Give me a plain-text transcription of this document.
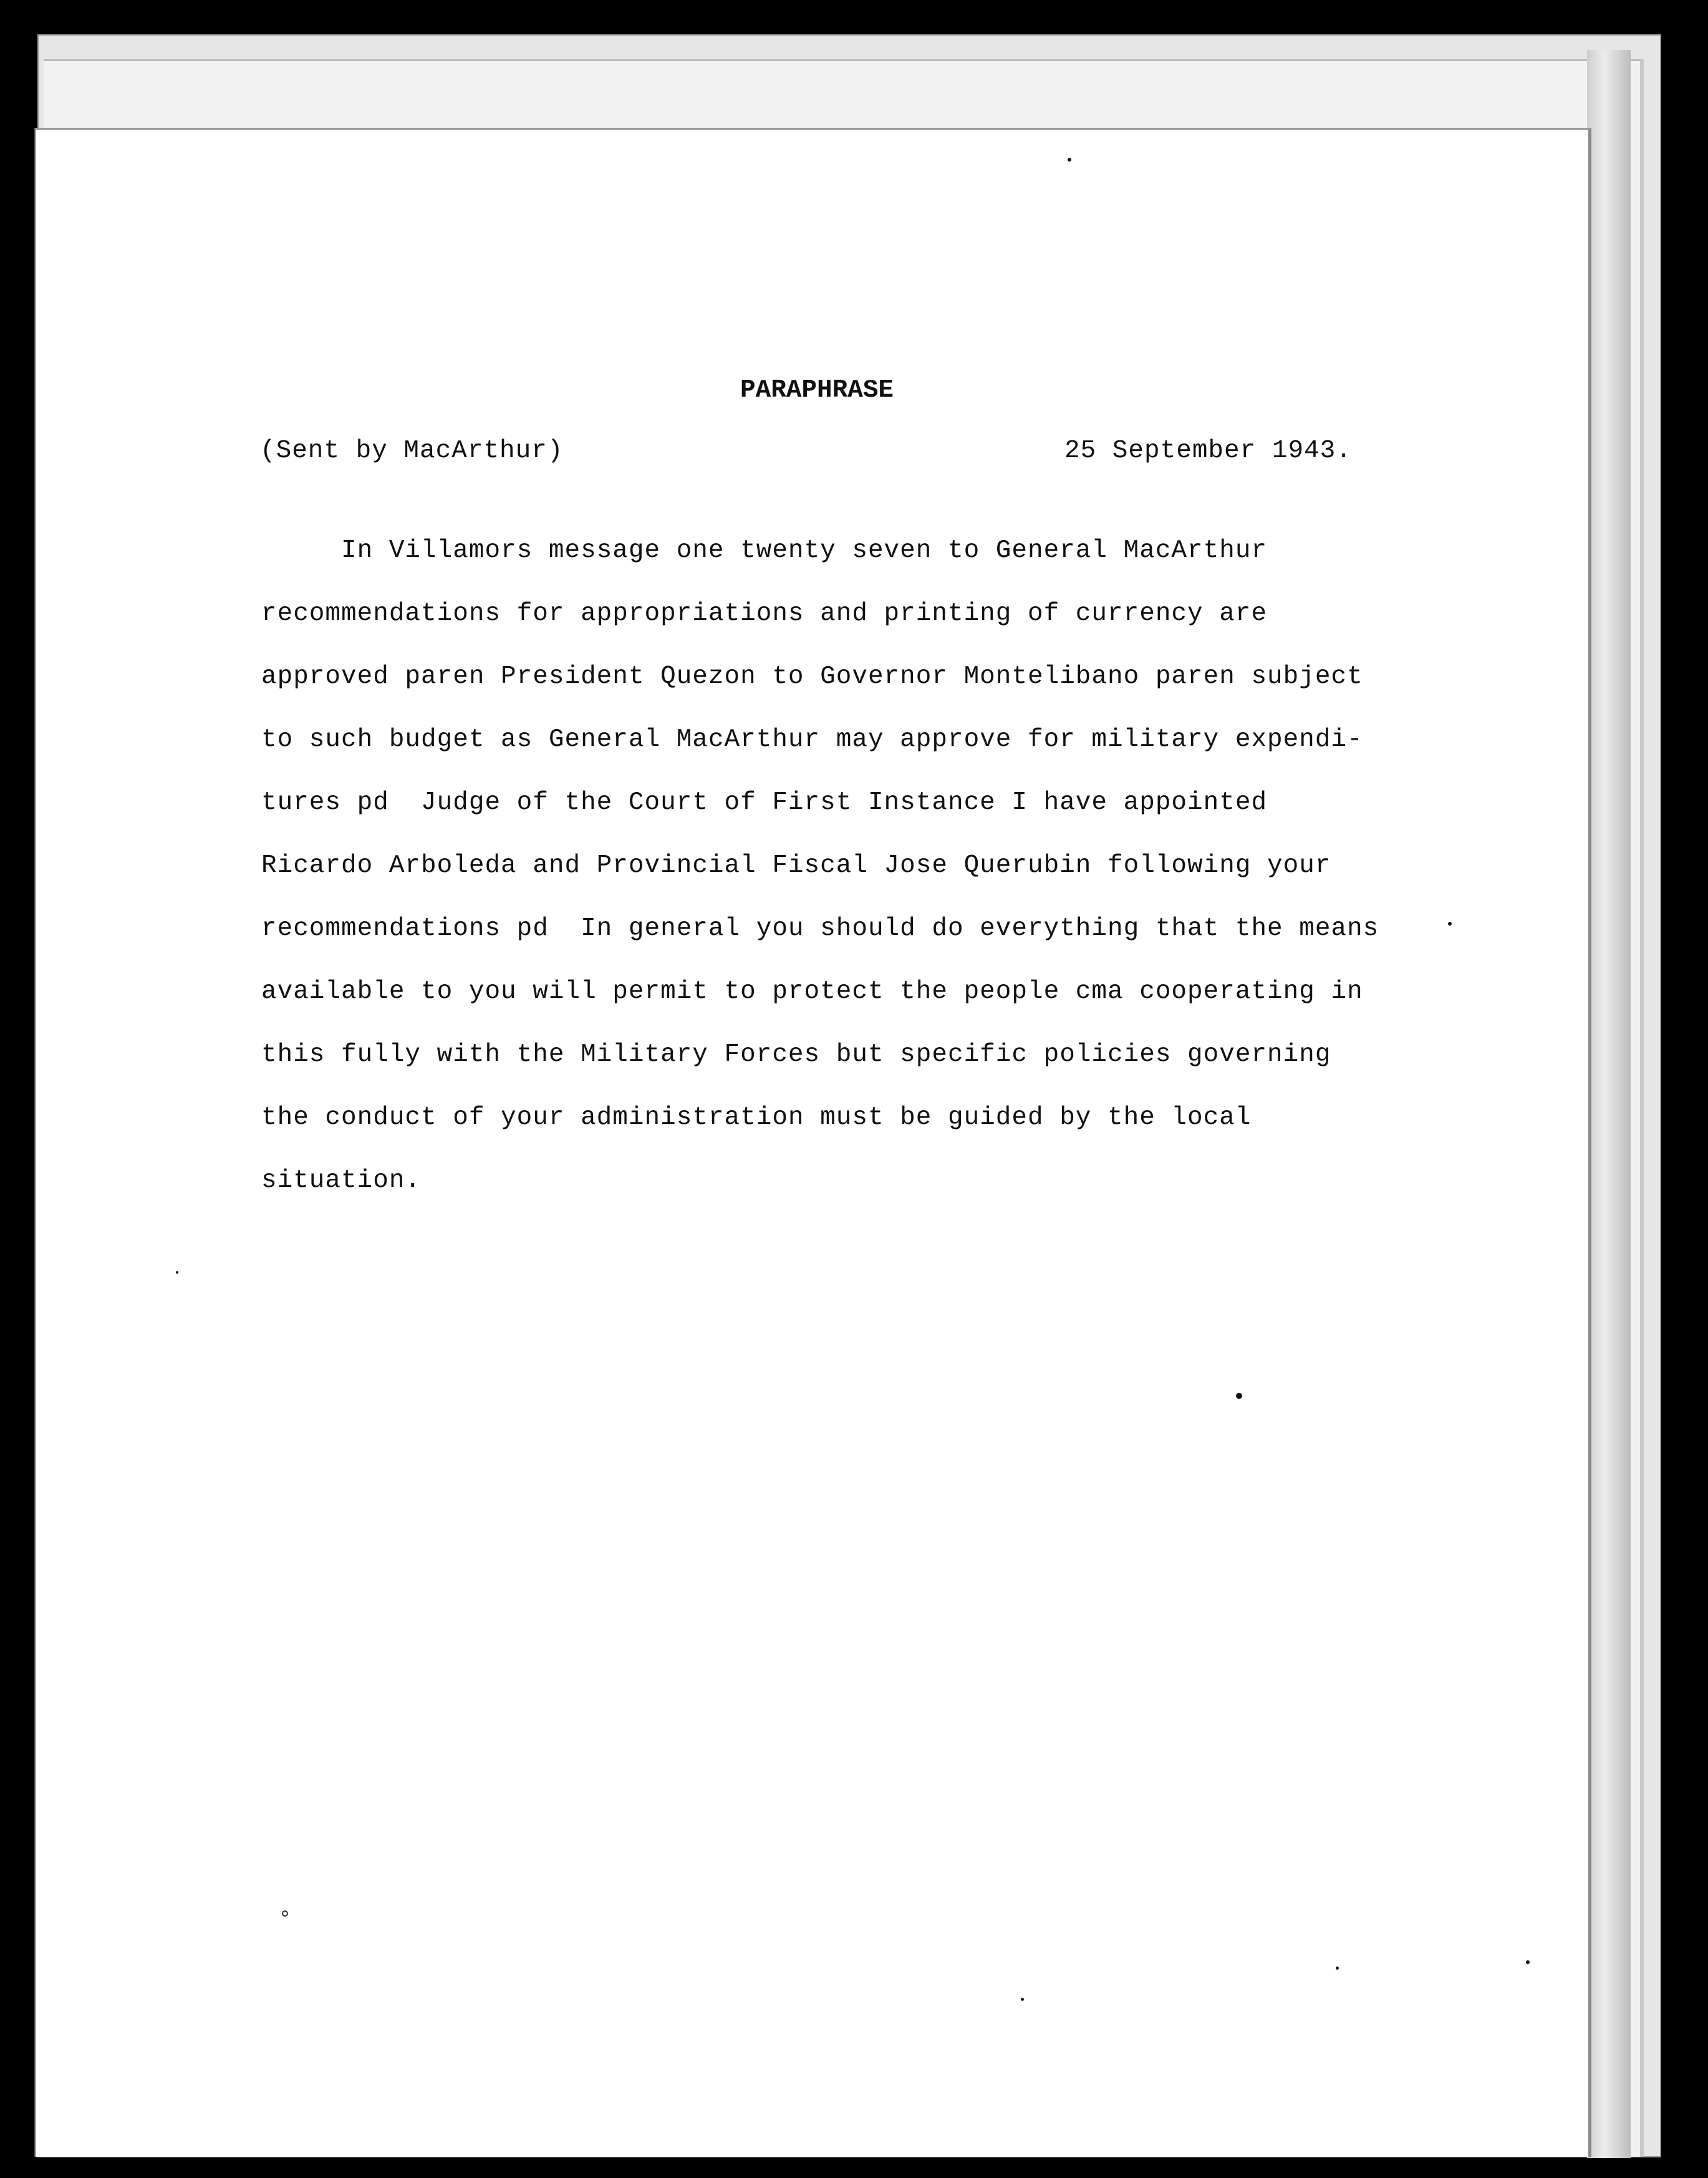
PARAPHRASE
(Sent by MacArthur)	25 September 1943.
In Villamors message one twenty seven to General MacArthur
recommendations for appropriations and printing of currency are
approved paren President Quezon to Governor Montelibano paren subject
to such budget as General MacArthur may approve for military expendi-
tures pd  Judge of the Court of First Instance I have appointed
Ricardo Arboleda and Provincial Fiscal Jose Querubin following your
recommendations pd  In general you should do everything that the means
available to you will permit to protect the people cma cooperating in
this fully with the Military Forces but specific policies governing
the conduct of your administration must be guided by the local
situation.
